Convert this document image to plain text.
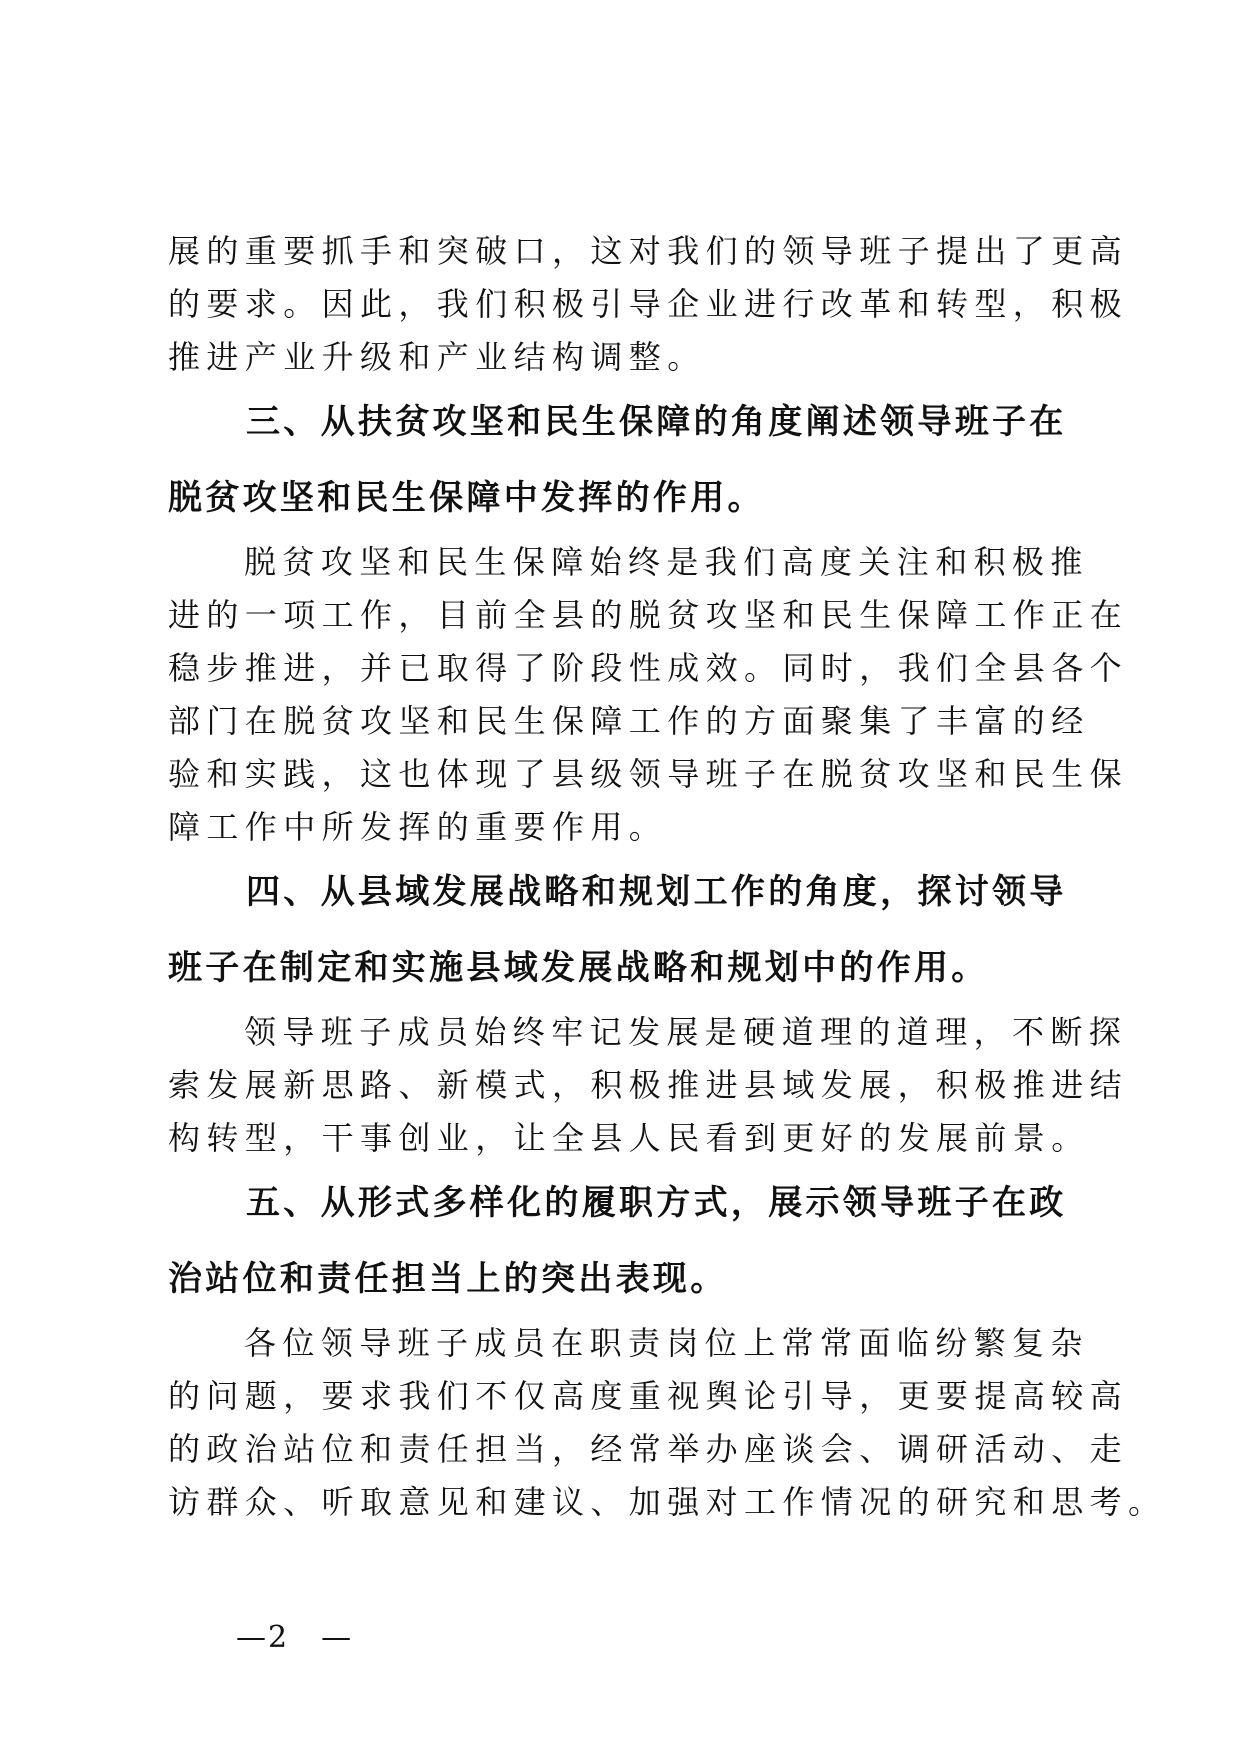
展的重要抓手和突破口，这对我们的领导班子提出了更高
的要求。因此，我们积极引导企业进行改革和转型，积极
推进产业升级和产业结构调整。
三、从扶贫攻坚和民生保障的角度阐述领导班子在
脱贫攻坚和民生保障中发挥的作用。
脱贫攻坚和民生保障始终是我们高度关注和积极推
进的一项工作，目前全县的脱贫攻坚和民生保障工作正在
稳步推进，并已取得了阶段性成效。同时，我们全县各个
部门在脱贫攻坚和民生保障工作的方面聚集了丰富的经
验和实践，这也体现了县级领导班子在脱贫攻坚和民生保
障工作中所发挥的重要作用。
四、从县域发展战略和规划工作的角度，探讨领导
班子在制定和实施县域发展战略和规划中的作用。
领导班子成员始终牢记发展是硬道理的道理，不断探
索发展新思路、新模式，积极推进县域发展，积极推进结
构转型，干事创业，让全县人民看到更好的发展前景。
五、从形式多样化的履职方式，展示领导班子在政
治站位和责任担当上的突出表现。
各位领导班子成员在职责岗位上常常面临纷繁复杂
的问题，要求我们不仅高度重视舆论引导，更要提高较高
的政治站位和责任担当，经常举办座谈会、调研活动、走
访群众、听取意见和建议、加强对工作情况的研究和思考。
—2　—
